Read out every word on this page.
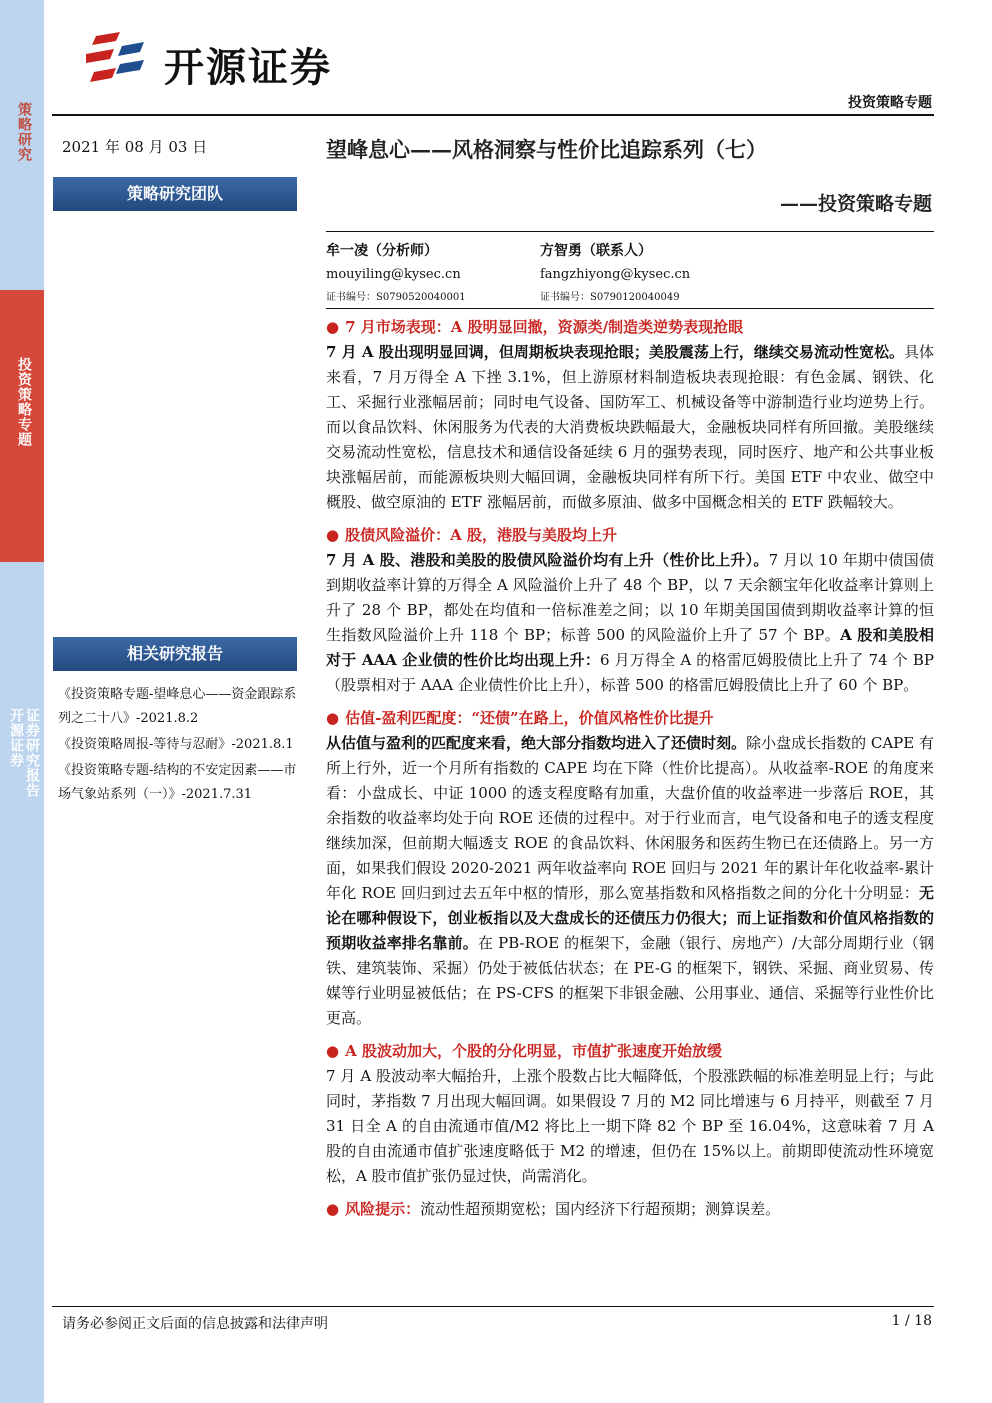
策略研究
投资策略专题
开源证券 证券研究报告
开源证券
投资策略专题
2021 年 08 月 03 日
策略研究团队
相关研究报告
《投资策略专题-望峰息心——资金跟踪系列之二十八》-2021.8.2
《投资策略周报-等待与忍耐》-2021.8.1
《投资策略专题-结构的不安定因素——市场气象站系列（一）》-2021.7.31
望峰息心——风格洞察与性价比追踪系列（七）
——投资策略专题
牟一凌（分析师）
mouyiling@kysec.cn
证书编号：S0790520040001
方智勇（联系人）
fangzhiyong@kysec.cn
证书编号：S0790120040049
● 7 月市场表现：A 股明显回撤，资源类/制造类逆势表现抢眼
7 月 A 股出现明显回调，但周期板块表现抢眼；美股震荡上行，继续交易流动性宽松。具体来看，7 月万得全 A 下挫 3.1%，但上游原材料制造板块表现抢眼：有色金属、钢铁、化工、采掘行业涨幅居前；同时电气设备、国防军工、机械设备等中游制造行业均逆势上行。而以食品饮料、休闲服务为代表的大消费板块跌幅最大，金融板块同样有所回撤。美股继续交易流动性宽松，信息技术和通信设备延续 6 月的强势表现，同时医疗、地产和公共事业板块涨幅居前，而能源板块则大幅回调，金融板块同样有所下行。美国 ETF 中农业、做空中概股、做空原油的 ETF 涨幅居前，而做多原油、做多中国概念相关的 ETF 跌幅较大。
● 股债风险溢价：A 股，港股与美股均上升
7 月 A 股、港股和美股的股债风险溢价均有上升（性价比上升）。7 月以 10 年期中债国债到期收益率计算的万得全 A 风险溢价上升了 48 个 BP，以 7 天余额宝年化收益率计算则上升了 28 个 BP，都处在均值和一倍标准差之间；以 10 年期美国国债到期收益率计算的恒生指数风险溢价上升 118 个 BP；标普 500 的风险溢价上升了 57 个 BP。A 股和美股相对于 AAA 企业债的性价比均出现上升：6 月万得全 A 的格雷厄姆股债比上升了 74 个 BP（股票相对于 AAA 企业债性价比上升），标普 500 的格雷厄姆股债比上升了 60 个 BP。
● 估值-盈利匹配度：“还债”在路上，价值风格性价比提升
从估值与盈利的匹配度来看，绝大部分指数均进入了还债时刻。除小盘成长指数的 CAPE 有所上行外，近一个月所有指数的 CAPE 均在下降（性价比提高）。从收益率-ROE 的角度来看：小盘成长、中证 1000 的透支程度略有加重，大盘价值的收益率进一步落后 ROE，其余指数的收益率均处于向 ROE 还债的过程中。对于行业而言，电气设备和电子的透支程度继续加深，但前期大幅透支 ROE 的食品饮料、休闲服务和医药生物已在还债路上。另一方面，如果我们假设 2020-2021 两年收益率向 ROE 回归与 2021 年的累计年化收益率-累计年化 ROE 回归到过去五年中枢的情形，那么宽基指数和风格指数之间的分化十分明显：无论在哪种假设下，创业板指以及大盘成长的还债压力仍很大；而上证指数和价值风格指数的预期收益率排名靠前。在 PB-ROE 的框架下，金融（银行、房地产）/大部分周期行业（钢铁、建筑装饰、采掘）仍处于被低估状态；在 PE-G 的框架下，钢铁、采掘、商业贸易、传媒等行业明显被低估；在 PS-CFS 的框架下非银金融、公用事业、通信、采掘等行业性价比更高。
● A 股波动加大，个股的分化明显，市值扩张速度开始放缓
7 月 A 股波动率大幅抬升，上涨个股数占比大幅降低，个股涨跌幅的标准差明显上行；与此同时，茅指数 7 月出现大幅回调。如果假设 7 月的 M2 同比增速与 6 月持平，则截至 7 月 31 日全 A 的自由流通市值/M2 将比上一期下降 82 个 BP 至 16.04%，这意味着 7 月 A 股的自由流通市值扩张速度略低于 M2 的增速，但仍在 15%以上。前期即使流动性环境宽松，A 股市值扩张仍显过快，尚需消化。
● 风险提示：流动性超预期宽松；国内经济下行超预期；测算误差。
请务必参阅正文后面的信息披露和法律声明	1 / 18
